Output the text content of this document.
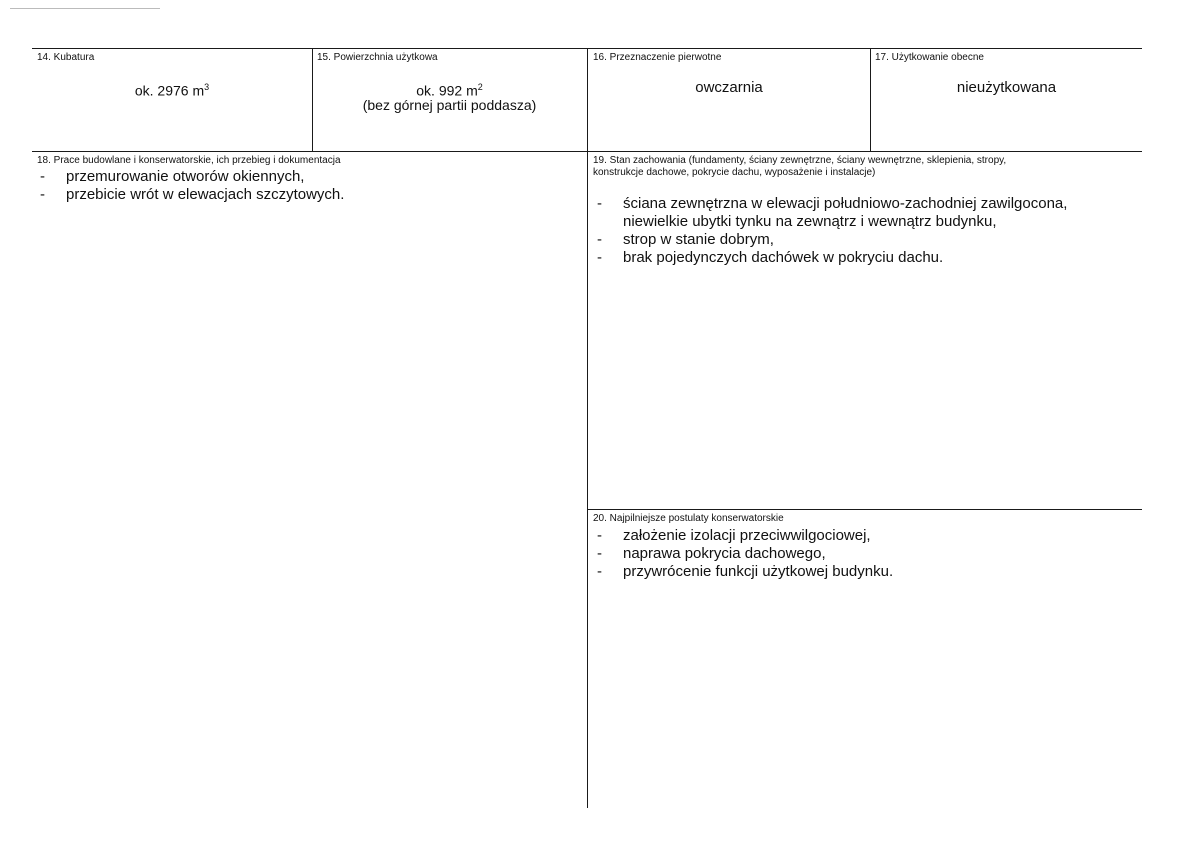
14. Kubatura
ok. 2976 $m^3$
15. Powierzchnia użytkowa
ok. 992 $m^2$
(bez górnej partii poddasza)
16. Przeznaczenie pierwotne
owczarnia
17. Użytkowanie obecne
nieużytkowana
18. Prace budowlane i konserwatorskie, ich przebieg i dokumentacja
- przemurowanie otworów okiennych,
- przebicie wrót w elewacjach szczytowych.
19. Stan zachowania (fundamenty, ściany zewnętrzne, ściany wewnętrzne, sklepienia, stropy,
konstrukcje dachowe, pokrycie dachu, wyposażenie i instalacje)
- ściana zewnętrzna w elewacji południowo-zachodniej zawilgocona,
niewielkie ubytki tynku na zewnątrz i wewnątrz budynku,
- strop w stanie dobrym,
- brak pojedynczych dachówek w pokryciu dachu.
20. Najpilniejsze postulaty konserwatorskie
- założenie izolacji przeciwwilgociowej,
- naprawa pokrycia dachowego,
- przywrócenie funkcji użytkowej budynku.
